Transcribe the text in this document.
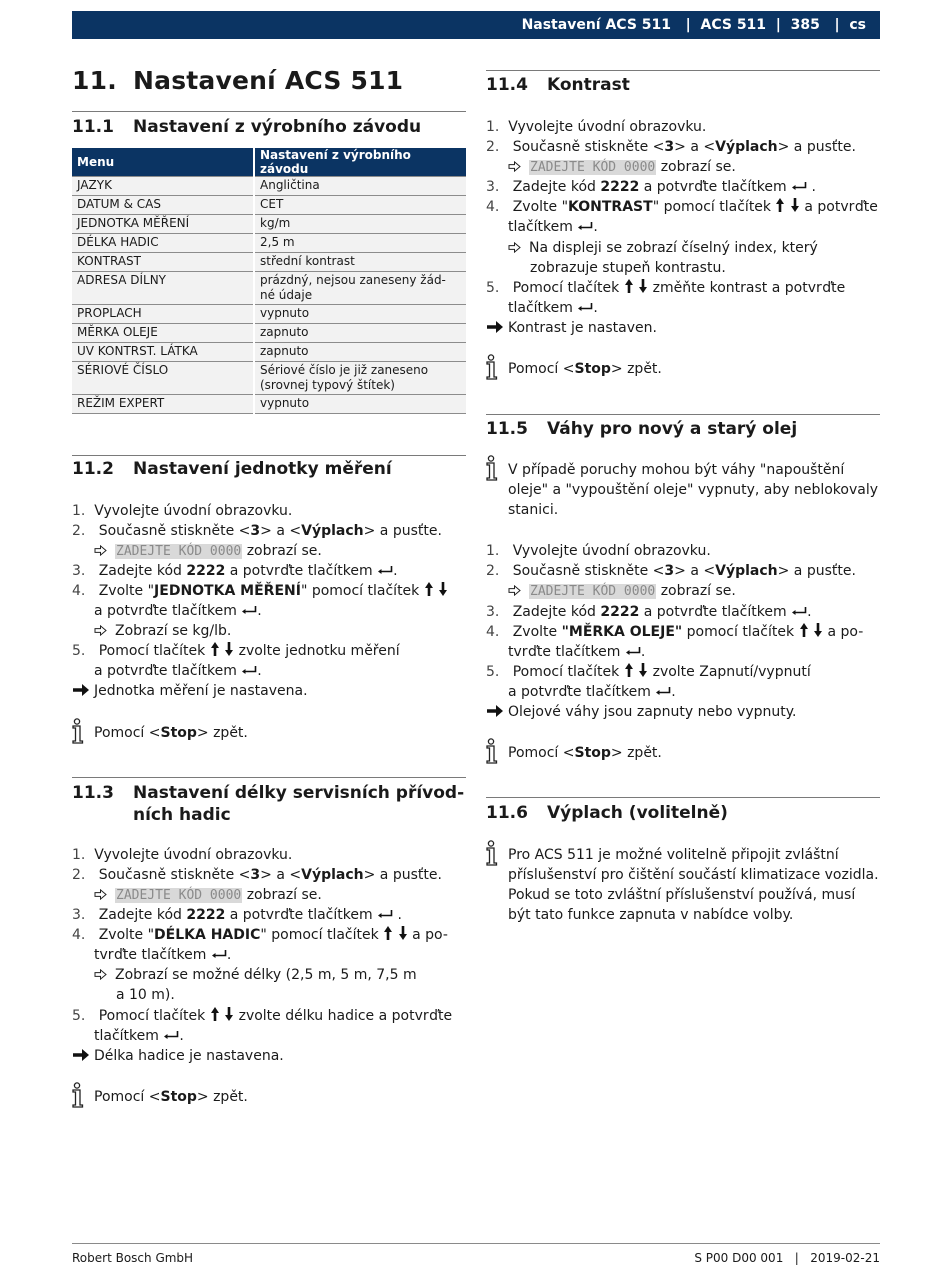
Nastavení ACS 511   |  ACS 511  |  385   |  cs
11. Nastavení ACS 511
11.1 Nastavení z výrobního závodu
Menu	Nastavení z výrobního závodu
JAZYK	Angličtina
DATUM & CAS	CET
JEDNOTKA MĚŘENÍ	kg/m
DÉLKA HADIC	2,5 m
KONTRAST	střední kontrast
ADRESA DÍLNY	prázdný, nejsou zaneseny žád-
né údaje
PROPLACH	vypnuto
MĚRKA OLEJE	zapnuto
UV KONTRST. LÁTKA	zapnuto
SÉRIOVÉ ČÍSLO	Sériové číslo je již zaneseno
(srovnej typový štítek)
REŽIM EXPERT	vypnuto
11.2 Nastavení jednotky měření
1. Vyvolejte úvodní obrazovku.
2. Současně stiskněte <3> a <Výplach> a pusťte.
ZADEJTE KÓD 0000 zobrazí se.
3. Zadejte kód 2222 a potvrďte tlačítkem .
4. Zvolte "JEDNOTKA MĚŘENÍ" pomocí tlačítek
a potvrďte tlačítkem .
Zobrazí se kg/lb.
5. Pomocí tlačítek   zvolte jednotku měření
a potvrďte tlačítkem .
Jednotka měření je nastavena.
Pomocí <Stop> zpět.
11.3 Nastavení délky servisních přívod-
ních hadic
1. Vyvolejte úvodní obrazovku.
2. Současně stiskněte <3> a <Výplach> a pusťte.
ZADEJTE KÓD 0000 zobrazí se.
3. Zadejte kód 2222 a potvrďte tlačítkem  .
4. Zvolte "DÉLKA HADIC" pomocí tlačítek   a po-
tvrďte tlačítkem .
Zobrazí se možné délky (2,5 m, 5 m, 7,5 m
a 10 m).
5. Pomocí tlačítek   zvolte délku hadice a potvrďte
tlačítkem .
Délka hadice je nastavena.
Pomocí <Stop> zpět.
11.4 Kontrast
1. Vyvolejte úvodní obrazovku.
2. Současně stiskněte <3> a <Výplach> a pusťte.
ZADEJTE KÓD 0000 zobrazí se.
3. Zadejte kód 2222 a potvrďte tlačítkem  .
4. Zvolte "KONTRAST" pomocí tlačítek   a potvrďte
tlačítkem .
Na displeji se zobrazí číselný index, který
zobrazuje stupeň kontrastu.
5. Pomocí tlačítek   změňte kontrast a potvrďte
tlačítkem .
Kontrast je nastaven.
Pomocí <Stop> zpět.
11.5 Váhy pro nový a starý olej
V případě poruchy mohou být váhy "napouštění
oleje" a "vypouštění oleje" vypnuty, aby neblokovaly
stanici.
1. Vyvolejte úvodní obrazovku.
2. Současně stiskněte <3> a <Výplach> a pusťte.
ZADEJTE KÓD 0000 zobrazí se.
3. Zadejte kód 2222 a potvrďte tlačítkem .
4. Zvolte "MĚRKA OLEJE" pomocí tlačítek   a po-
tvrďte tlačítkem .
5. Pomocí tlačítek   zvolte Zapnutí/vypnutí
a potvrďte tlačítkem .
Olejové váhy jsou zapnuty nebo vypnuty.
Pomocí <Stop> zpět.
11.6 Výplach (volitelně)
Pro ACS 511 je možné volitelně připojit zvláštní
příslušenství pro čištění součástí klimatizace vozidla.
Pokud se toto zvláštní příslušenství používá, musí
být tato funkce zapnuta v nabídce volby.
Robert Bosch GmbH	S P00 D00 001   |   2019-02-21
